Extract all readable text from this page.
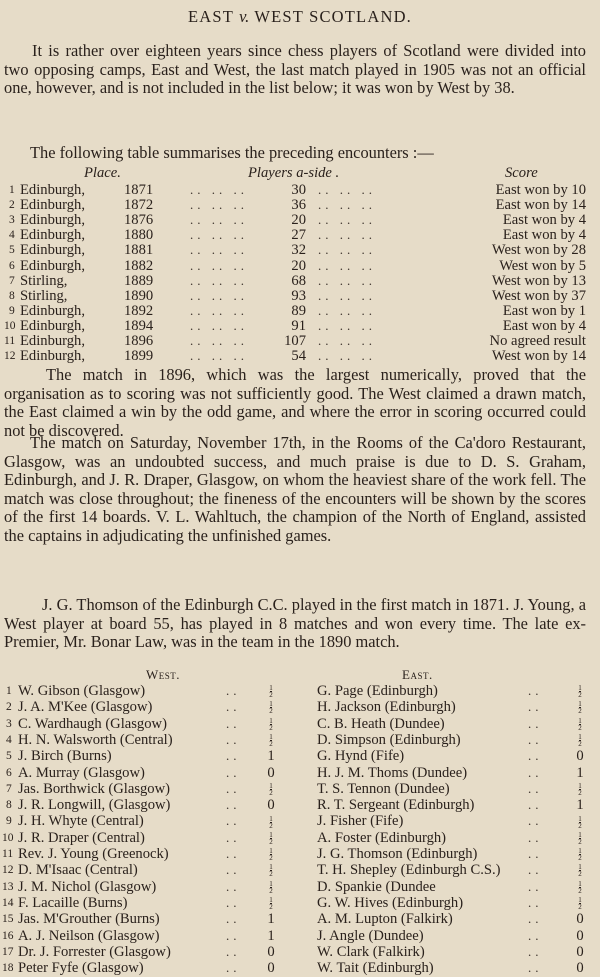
EAST v. WEST SCOTLAND.

It is rather over eighteen years since chess players of Scotland were divided into two opposing camps, East and West, the last match played in 1905 was not an official one, however, and is not included in the list below; it was won by West by 38.

The following table summarises the preceding encounters :—

Place.	Players a-side .	Score
1 Edinburgh,	1871	.. .. ..	30 .. .. ..	East won by 10
2 Edinburgh,	1872	.. .. ..	36 .. .. ..	East won by 14
3 Edinburgh,	1876	.. .. ..	20 .. .. ..	East won by 4
4 Edinburgh,	1880	.. .. ..	27 .. .. ..	East won by 4
5 Edinburgh,	1881	.. .. ..	32 .. .. ..	West won by 28
6 Edinburgh,	1882	.. .. ..	20 .. .. ..	West won by 5
7 Stirling,	1889	.. .. ..	68 .. .. ..	West won by 13
8 Stirling,	1890	.. .. ..	93 .. .. ..	West won by 37
9 Edinburgh,	1892	.. .. ..	89 .. .. ..	East won by 1
10 Edinburgh,	1894	.. .. ..	91 .. .. ..	East won by 4
11 Edinburgh,	1896	.. .. ..	107 .. .. ..	No agreed result
12 Edinburgh,	1899	.. .. ..	54 .. .. ..	West won by 14

The match in 1896, which was the largest numerically, proved that the organisation as to scoring was not sufficiently good. The West claimed a drawn match, the East claimed a win by the odd game, and where the error in scoring occurred could not be discovered.

The match on Saturday, November 17th, in the Rooms of the Ca'doro Restaurant, Glasgow, was an undoubted success, and much praise is due to D. S. Graham, Edinburgh, and J. R. Draper, Glasgow, on whom the heaviest share of the work fell. The match was close throughout; the fineness of the encounters will be shown by the scores of the first 14 boards. V. L. Wahltuch, the champion of the North of England, assisted the captains in adjudicating the unfinished games.

J. G. Thomson of the Edinburgh C.C. played in the first match in 1871. J. Young, a West player at board 55, has played in 8 matches and won every time. The late ex-Premier, Mr. Bonar Law, was in the team in the 1890 match.

West.	East.
1 W. Gibson (Glasgow)	..	$\frac{1}{2}$	G. Page (Edinburgh)	..	$\frac{1}{2}$
2 J. A. M'Kee (Glasgow)	..	$\frac{1}{2}$	H. Jackson (Edinburgh)	..	$\frac{1}{2}$
3 C. Wardhaugh (Glasgow)	..	$\frac{1}{2}$	C. B. Heath (Dundee)	..	$\frac{1}{2}$
4 H. N. Walsworth (Central)	..	$\frac{1}{2}$	D. Simpson (Edinburgh)	..	$\frac{1}{2}$
5 J. Birch (Burns)	.. 1	G. Hynd (Fife)	.. 0
6 A. Murray (Glasgow)	.. 0	H. J. M. Thoms (Dundee)	.. 1
7 Jas. Borthwick (Glasgow)	..	$\frac{1}{2}$	T. S. Tennon (Dundee)	..	$\frac{1}{2}$
8 J. R. Longwill, (Glasgow)	.. 0	R. T. Sergeant (Edinburgh)	.. 1
9 J. H. Whyte (Central)	..	$\frac{1}{2}$	J. Fisher (Fife)	..	$\frac{1}{2}$
10 J. R. Draper (Central)	..	$\frac{1}{2}$	A. Foster (Edinburgh)	..	$\frac{1}{2}$
11 Rev. J. Young (Greenock)	..	$\frac{1}{2}$	J. G. Thomson (Edinburgh)	..	$\frac{1}{2}$
12 D. M'Isaac (Central)	..	$\frac{1}{2}$	T. H. Shepley (Edinburgh C.S.) ..	$\frac{1}{2}$
13 J. M. Nichol (Glasgow)	..	$\frac{1}{2}$	D. Spankie (Dundee	..	$\frac{1}{2}$
14 F. Lacaille (Burns)	..	$\frac{1}{2}$	G. W. Hives (Edinburgh)	..	$\frac{1}{2}$
15 Jas. M'Grouther (Burns)	.. 1	A. M. Lupton (Falkirk)	.. 0
16 A. J. Neilson (Glasgow)	.. 1	J. Angle (Dundee)	.. 0
17 Dr. J. Forrester (Glasgow)	.. 0	W. Clark (Falkirk)	.. 0
18 Peter Fyfe (Glasgow)	.. 0	W. Tait (Edinburgh)	.. 0
